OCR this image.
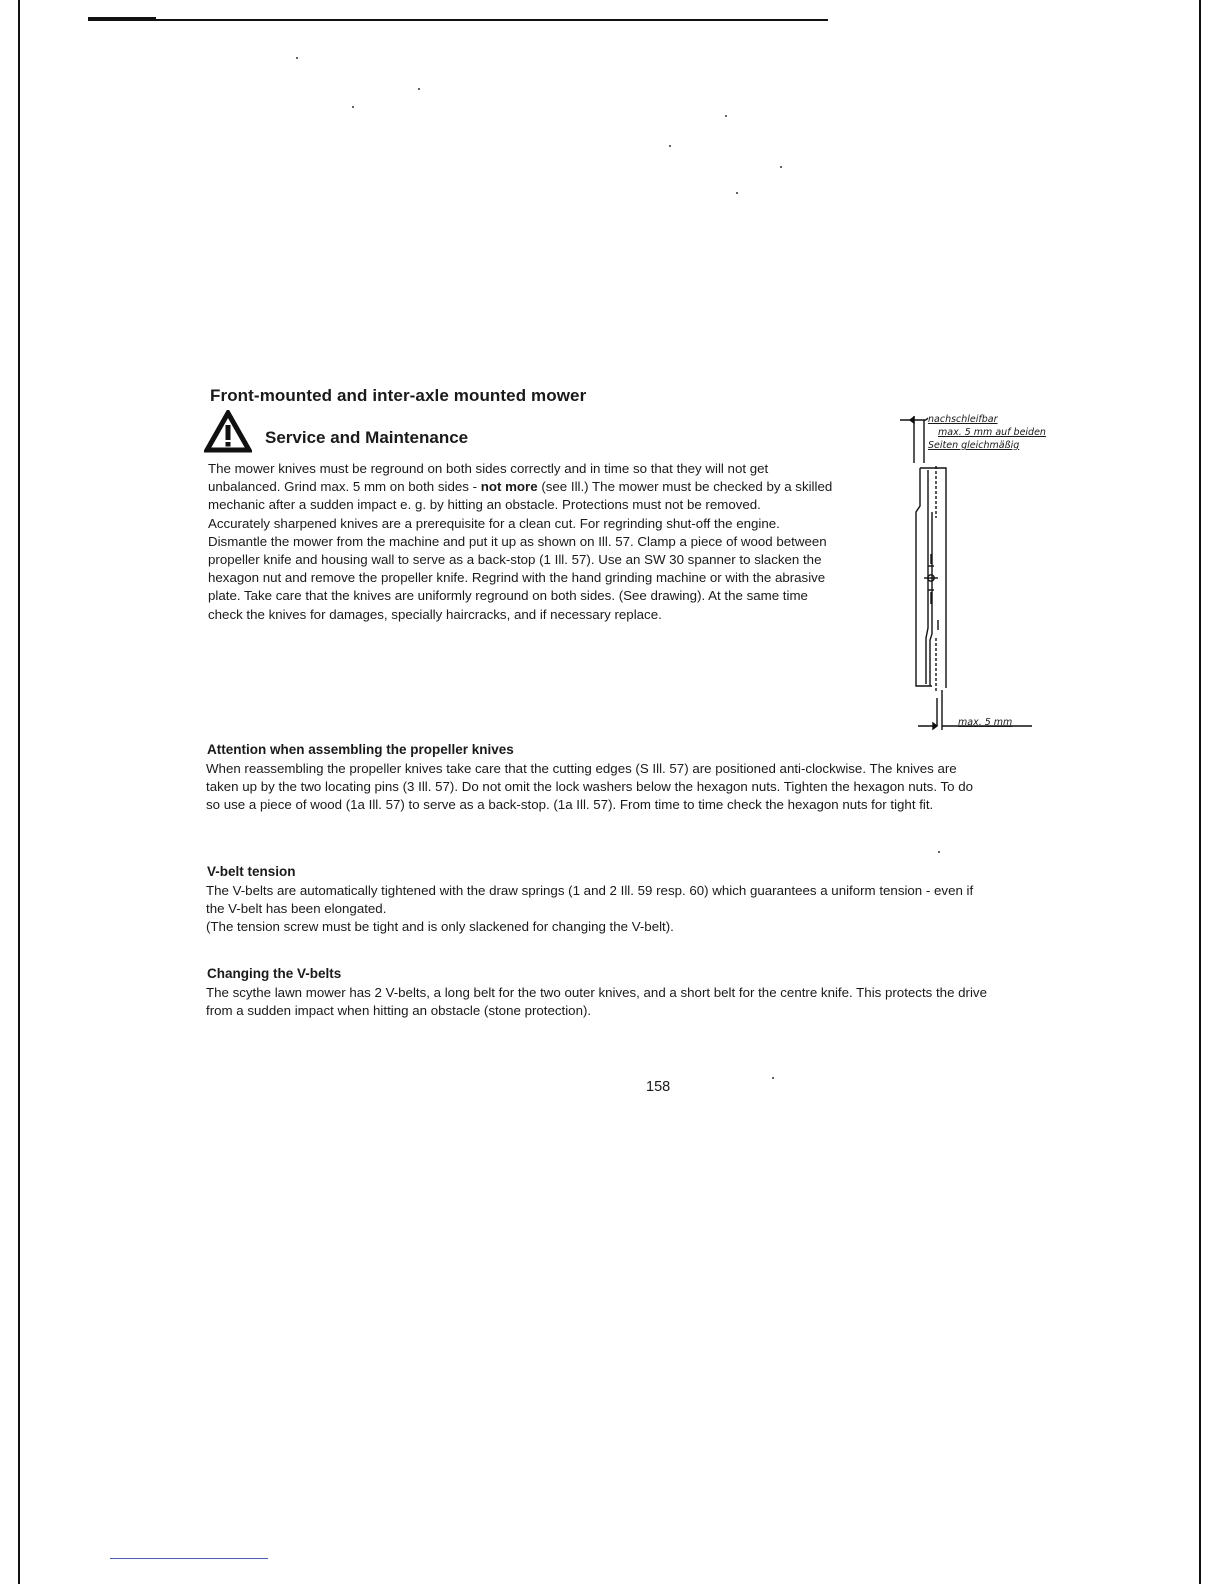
Front-mounted and inter-axle mounted mower
Service and Maintenance

The mower knives must be reground on both sides correctly and in time so that they will not get unbalanced. Grind max. 5 mm on both sides - not more (see Ill.) The mower must be checked by a skilled mechanic after a sudden impact e. g. by hitting an obstacle. Protections must not be removed.
Accurately sharpened knives are a prerequisite for a clean cut. For regrinding shut-off the engine. Dismantle the mower from the machine and put it up as shown on Ill. 57. Clamp a piece of wood between propeller knife and housing wall to serve as a back-stop (1 Ill. 57). Use an SW 30 spanner to slacken the hexagon nut and remove the propeller knife. Regrind with the hand grinding machine or with the abrasive plate. Take care that the knives are uniformly reground on both sides. (See drawing). At the same time check the knives for damages, specially haircracks, and if necessary replace.

nachschleifbar
max. 5 mm auf beiden
Seiten gleichmäßig
max. 5 mm
Attention when assembling the propeller knives

When reassembling the propeller knives take care that the cutting edges (S Ill. 57) are positioned anti-clockwise. The knives are taken up by the two locating pins (3 Ill. 57). Do not omit the lock washers below the hexagon nuts. Tighten the hexagon nuts. To do so use a piece of wood (1a Ill. 57) to serve as a back-stop. (1a Ill. 57). From time to time check the hexagon nuts for tight fit.

V-belt tension

The V-belts are automatically tightened with the draw springs (1 and 2 Ill. 59 resp. 60) which guarantees a uniform tension - even if the V-belt has been elongated.
(The tension screw must be tight and is only slackened for changing the V-belt).

Changing the V-belts

The scythe lawn mower has 2 V-belts, a long belt for the two outer knives, and a short belt for the centre knife. This protects the drive from a sudden impact when hitting an obstacle (stone protection).

158
